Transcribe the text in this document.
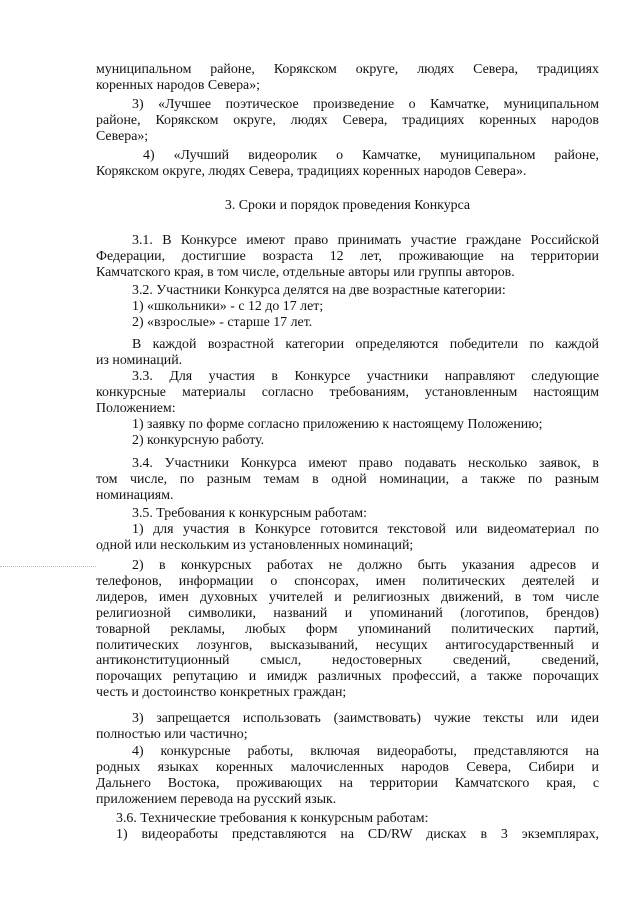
муниципальном районе, Корякском округе, людях Севера, традициях
коренных народов Севера»;
3) «Лучшее поэтическое произведение о Камчатке, муниципальном
районе, Корякском округе, людях Севера, традициях коренных народов
Севера»;
4) «Лучший видеоролик о Камчатке, муниципальном районе,
Корякском округе, людях Севера, традициях коренных народов Севера».
3. Сроки и порядок проведения Конкурса
3.1. В Конкурсе имеют право принимать участие граждане Российской
Федерации, достигшие возраста 12 лет, проживающие на территории
Камчатского края, в том числе, отдельные авторы или группы авторов.
3.2. Участники Конкурса делятся на две возрастные категории:
1) «школьники» - с 12 до 17 лет;
2) «взрослые» - старше 17 лет.
В каждой возрастной категории определяются победители по каждой
из номинаций.
3.3. Для участия в Конкурсе участники направляют следующие
конкурсные материалы согласно требованиям, установленным настоящим
Положением:
1) заявку по форме согласно приложению к настоящему Положению;
2) конкурсную работу.
3.4. Участники Конкурса имеют право подавать несколько заявок, в
том числе, по разным темам в одной номинации, а также по разным
номинациям.
3.5. Требования к конкурсным работам:
1) для участия в Конкурсе готовится текстовой или видеоматериал по
одной или нескольким из установленных номинаций;
2) в конкурсных работах не должно быть указания адресов и
телефонов, информации о спонсорах, имен политических деятелей и
лидеров, имен духовных учителей и религиозных движений, в том числе
религиозной символики, названий и упоминаний (логотипов, брендов)
товарной рекламы, любых форм упоминаний политических партий,
политических лозунгов, высказываний, несущих антигосударственный и
антиконституционный смысл, недостоверных сведений, сведений,
порочащих репутацию и имидж различных профессий, а также порочащих
честь и достоинство конкретных граждан;
3) запрещается использовать (заимствовать) чужие тексты или идеи
полностью или частично;
4) конкурсные работы, включая видеоработы, представляются на
родных языках коренных малочисленных народов Севера, Сибири и
Дальнего Востока, проживающих на территории Камчатского края, с
приложением перевода на русский язык.
3.6. Технические требования к конкурсным работам:
1) видеоработы представляются на CD/RW дисках в 3 экземплярах,
